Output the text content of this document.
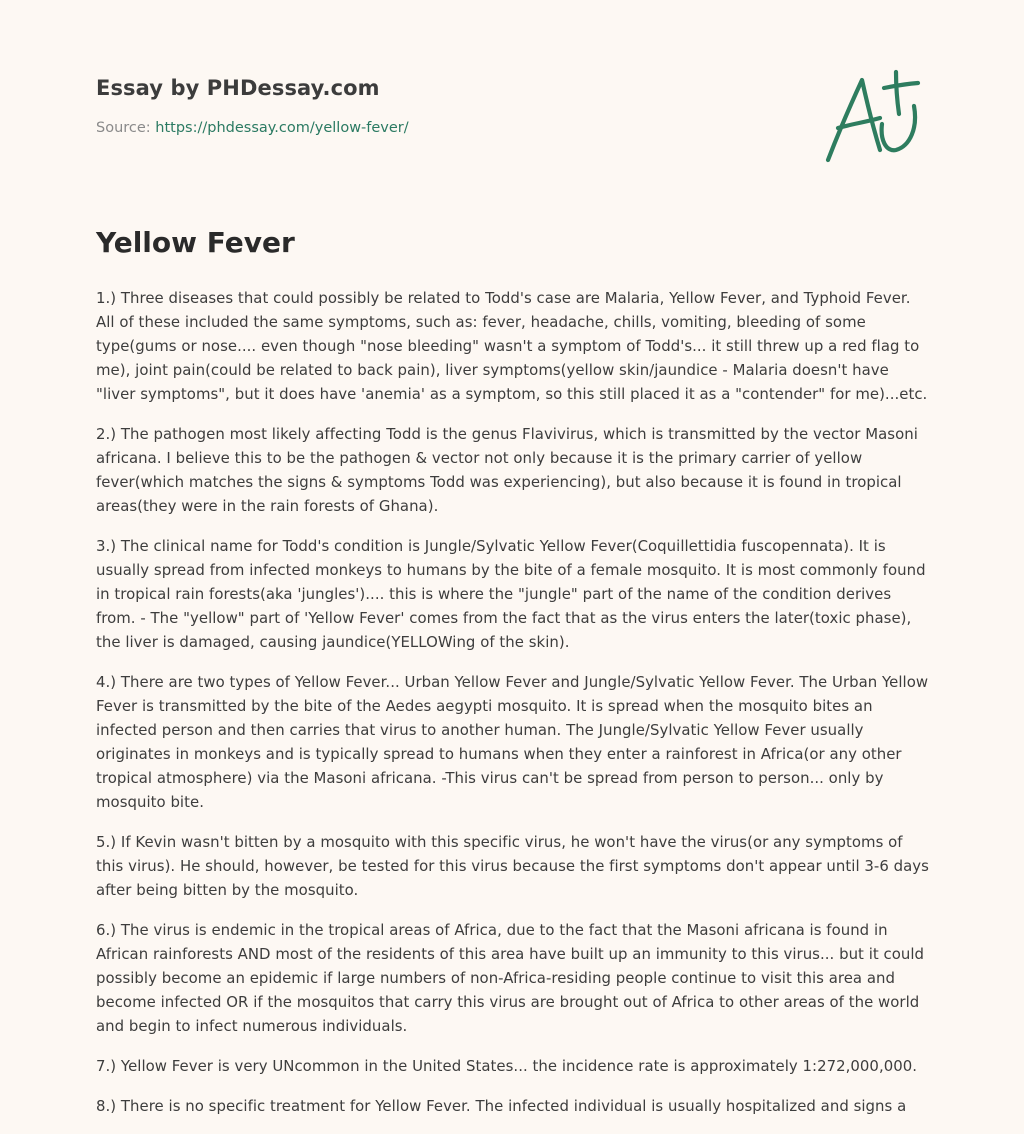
Essay by PHDessay.com
Source: https://phdessay.com/yellow-fever/
Yellow Fever

1.) Three diseases that could possibly be related to Todd's case are Malaria, Yellow Fever, and Typhoid Fever. All of these included the same symptoms, such as: fever, headache, chills, vomiting, bleeding of some type(gums or nose.... even though "nose bleeding" wasn't a symptom of Todd's... it still threw up a red flag to me), joint pain(could be related to back pain), liver symptoms(yellow skin/jaundice - Malaria doesn't have "liver symptoms", but it does have 'anemia' as a symptom, so this still placed it as a "contender" for me)...etc.

2.) The pathogen most likely affecting Todd is the genus Flavivirus, which is transmitted by the vector Masoni africana. I believe this to be the pathogen & vector not only because it is the primary carrier of yellow fever(which matches the signs & symptoms Todd was experiencing), but also because it is found in tropical areas(they were in the rain forests of Ghana).

3.) The clinical name for Todd's condition is Jungle/Sylvatic Yellow Fever(Coquillettidia fuscopennata). It is usually spread from infected monkeys to humans by the bite of a female mosquito. It is most commonly found in tropical rain forests(aka 'jungles').... this is where the "jungle" part of the name of the condition derives from. - The "yellow" part of 'Yellow Fever' comes from the fact that as the virus enters the later(toxic phase), the liver is damaged, causing jaundice(YELLOWing of the skin).

4.) There are two types of Yellow Fever... Urban Yellow Fever and Jungle/Sylvatic Yellow Fever. The Urban Yellow Fever is transmitted by the bite of the Aedes aegypti mosquito. It is spread when the mosquito bites an infected person and then carries that virus to another human. The Jungle/Sylvatic Yellow Fever usually originates in monkeys and is typically spread to humans when they enter a rainforest in Africa(or any other tropical atmosphere) via the Masoni africana. -This virus can't be spread from person to person... only by mosquito bite.

5.) If Kevin wasn't bitten by a mosquito with this specific virus, he won't have the virus(or any symptoms of this virus). He should, however, be tested for this virus because the first symptoms don't appear until 3-6 days after being bitten by the mosquito.

6.) The virus is endemic in the tropical areas of Africa, due to the fact that the Masoni africana is found in African rainforests AND most of the residents of this area have built up an immunity to this virus... but it could possibly become an epidemic if large numbers of non-Africa-residing people continue to visit this area and become infected OR if the mosquitos that carry this virus are brought out of Africa to other areas of the world and begin to infect numerous individuals.

7.) Yellow Fever is very UNcommon in the United States... the incidence rate is approximately 1:272,000,000.

8.) There is no specific treatment for Yellow Fever. The infected individual is usually hospitalized and signs a
